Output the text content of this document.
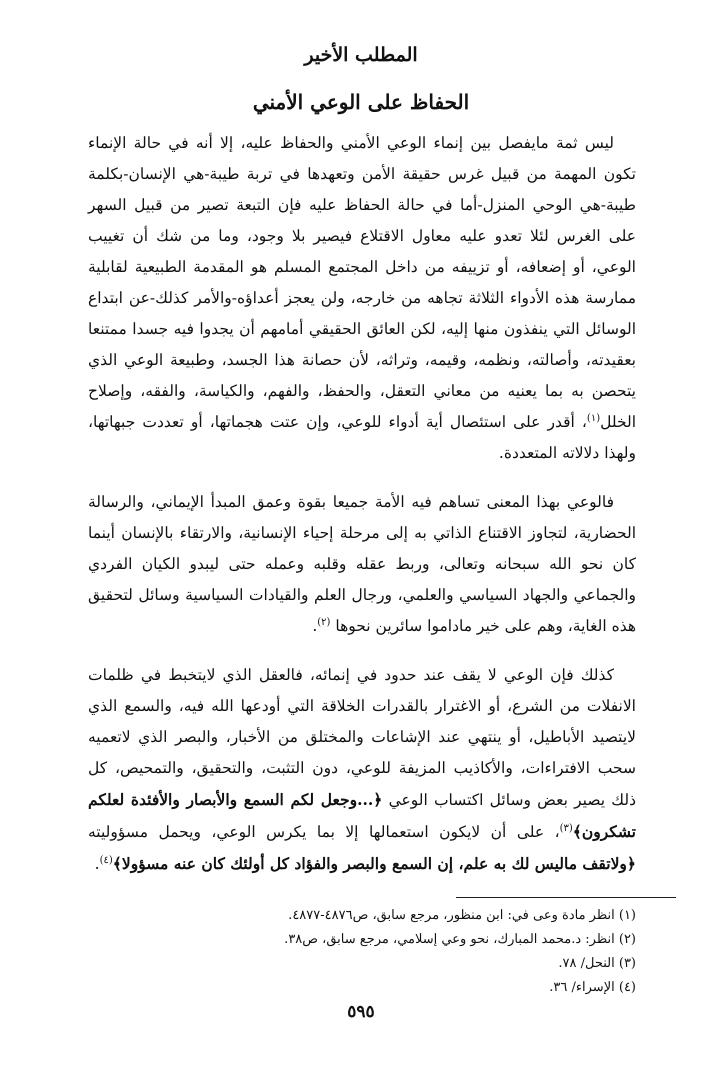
المطلب الأخير
الحفاظ على الوعي الأمني

ليس ثمة مايفصل بين إنماء الوعي الأمني والحفاظ عليه، إلا أنه في حالة الإنماء تكون المهمة من قبيل غرس حقيقة الأمن وتعهدها في تربة طيبة-هي الإنسان-بكلمة طيبة-هي الوحي المنزل-أما في حالة الحفاظ عليه فإن التبعة تصير من قبيل السهر على الغرس لئلا تعدو عليه معاول الاقتلاع فيصير بلا وجود، وما من شك أن تغييب الوعي، أو إضعافه، أو تزييفه من داخل المجتمع المسلم هو المقدمة الطبيعية لقابلية ممارسة هذه الأدواء الثلاثة تجاهه من خارجه، ولن يعجز أعداؤه-والأمر كذلك-عن ابتداع الوسائل التي ينفذون منها إليه، لكن العائق الحقيقي أمامهم أن يجدوا فيه جسدا ممتنعا بعقيدته، وأصالته، ونظمه، وقيمه، وتراثه، لأن حصانة هذا الجسد، وطبيعة الوعي الذي يتحصن به بما يعنيه من معاني التعقل، والحفظ، والفهم، والكياسة، والفقه، وإصلاح الخلل$^{(١)}$، أقدر على استئصال أية أدواء للوعي، وإن عتت هجماتها، أو تعددت جبهاتها، ولهذا دلالاته المتعددة.

فالوعي بهذا المعنى تساهم فيه الأمة جميعا بقوة وعمق المبدأ الإيماني، والرسالة الحضارية، لتجاوز الاقتناع الذاتي به إلى مرحلة إحياء الإنسانية، والارتقاء بالإنسان أينما كان نحو الله سبحانه وتعالى، وربط عقله وقلبه وعمله حتى ليبدو الكيان الفردي والجماعي والجهاد السياسي والعلمي، ورجال العلم والقيادات السياسية وسائل لتحقيق هذه الغاية، وهم على خير ماداموا سائرين نحوها $^{(٢)}$.

كذلك فإن الوعي لا يقف عند حدود في إنمائه، فالعقل الذي لايتخبط في ظلمات الانفلات من الشرع، أو الاغترار بالقدرات الخلاقة التي أودعها الله فيه، والسمع الذي لايتصيد الأباطيل، أو ينتهي عند الإشاعات والمختلق من الأخبار، والبصر الذي لاتعميه سحب الافتراءات، والأكاذيب المزيفة للوعي، دون التثبت، والتحقيق، والتمحيص، كل ذلك يصير بعض وسائل اكتساب الوعي ﴿...وجعل لكم السمع والأبصار والأفئدة لعلكم تشكرون﴾$^{(٣)}$، على أن لايكون استعمالها إلا بما يكرس الوعي، ويحمل مسؤوليته ﴿ولاتقف ماليس لك به علم، إن السمع والبصر والفؤاد كل أولئك كان عنه مسؤولا﴾$^{(٤)}$.

(١) انظر مادة وعى في: ابن منظور، مرجع سابق، ص٤٨٧٦-٤٨٧٧.
(٢) انظر: د.محمد المبارك، نحو وعي إسلامي، مرجع سابق، ص٣٨.
(٣) النحل/ ٧٨.
(٤) الإسراء/ ٣٦.
٥٩٥
